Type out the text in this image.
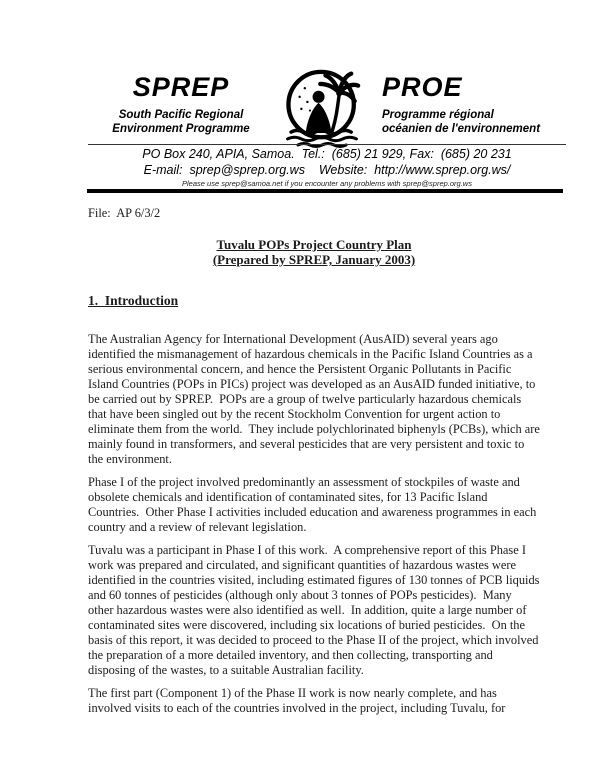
SPREP
South Pacific Regional
Environment Programme
PROE
Programme régional
océanien de l'environnement
PO Box 240, APIA, Samoa.  Tel.:  (685) 21 929, Fax:  (685) 20 231
E-mail:  sprep@sprep.org.ws    Website:  http://www.sprep.org.ws/
Please use sprep@samoa.net if you encounter any problems with sprep@sprep.org.ws
File:  AP 6/3/2
Tuvalu POPs Project Country Plan
(Prepared by SPREP, January 2003)
1.  Introduction

The Australian Agency for International Development (AusAID) several years ago identified the mismanagement of hazardous chemicals in the Pacific Island Countries as a serious environmental concern, and hence the Persistent Organic Pollutants in Pacific Island Countries (POPs in PICs) project was developed as an AusAID funded initiative, to be carried out by SPREP.  POPs are a group of twelve particularly hazardous chemicals that have been singled out by the recent Stockholm Convention for urgent action to eliminate them from the world.  They include polychlorinated biphenyls (PCBs), which are mainly found in transformers, and several pesticides that are very persistent and toxic to the environment.

Phase I of the project involved predominantly an assessment of stockpiles of waste and obsolete chemicals and identification of contaminated sites, for 13 Pacific Island Countries.  Other Phase I activities included education and awareness programmes in each country and a review of relevant legislation.

Tuvalu was a participant in Phase I of this work.  A comprehensive report of this Phase I work was prepared and circulated, and significant quantities of hazardous wastes were identified in the countries visited, including estimated figures of 130 tonnes of PCB liquids and 60 tonnes of pesticides (although only about 3 tonnes of POPs pesticides).  Many other hazardous wastes were also identified as well.  In addition, quite a large number of contaminated sites were discovered, including six locations of buried pesticides.  On the basis of this report, it was decided to proceed to the Phase II of the project, which involved the preparation of a more detailed inventory, and then collecting, transporting and disposing of the wastes, to a suitable Australian facility.

The first part (Component 1) of the Phase II work is now nearly complete, and has involved visits to each of the countries involved in the project, including Tuvalu, for
